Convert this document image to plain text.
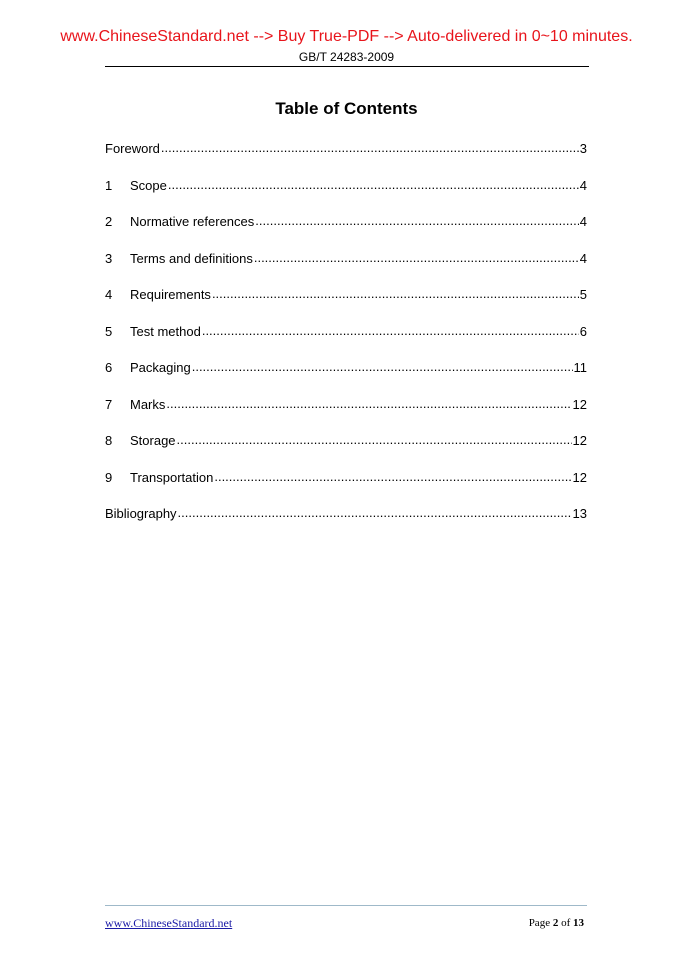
www.ChineseStandard.net --> Buy True-PDF --> Auto-delivered in 0~10 minutes.
GB/T 24283-2009
Table of Contents
Foreword .....	3
1	Scope .....	4
2	Normative references .....	4
3	Terms and definitions .....	4
4	Requirements .....	5
5	Test method .....	6
6	Packaging .....	11
7	Marks .....	12
8	Storage .....	12
9	Transportation .....	12
Bibliography .....	13
www.ChineseStandard.net	Page 2 of 13
